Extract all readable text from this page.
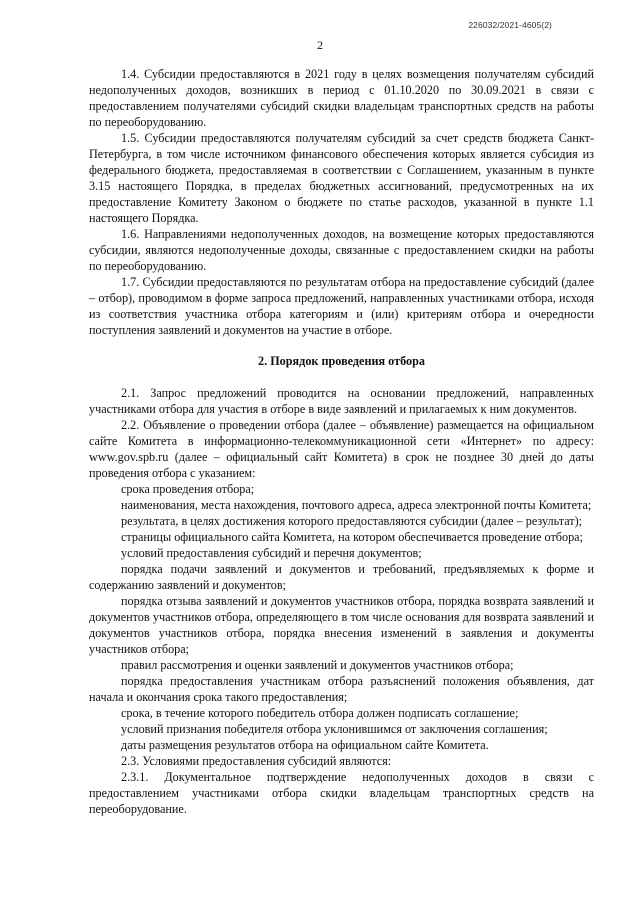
226032/2021-4605(2)
2

1.4. Субсидии предоставляются в 2021 году в целях возмещения получателям субсидий недополученных доходов, возникших в период с 01.10.2020 по 30.09.2021 в связи с предоставлением получателями субсидий скидки владельцам транспортных средств на работы по переоборудованию.

1.5. Субсидии предоставляются получателям субсидий за счет средств бюджета Санкт-Петербурга, в том числе источником финансового обеспечения которых является субсидия из федерального бюджета, предоставляемая в соответствии с Соглашением, указанным в пункте 3.15 настоящего Порядка, в пределах бюджетных ассигнований, предусмотренных на их предоставление Комитету Законом о бюджете по статье расходов, указанной в пункте 1.1 настоящего Порядка.

1.6. Направлениями недополученных доходов, на возмещение которых предоставляются субсидии, являются недополученные доходы, связанные с предоставлением скидки на работы по переоборудованию.

1.7. Субсидии предоставляются по результатам отбора на предоставление субсидий (далее – отбор), проводимом в форме запроса предложений, направленных участниками отбора, исходя из соответствия участника отбора категориям и (или) критериям отбора и очередности поступления заявлений и документов на участие в отборе.

2. Порядок проведения отбора

2.1. Запрос предложений проводится на основании предложений, направленных участниками отбора для участия в отборе в виде заявлений и прилагаемых к ним документов.

2.2. Объявление о проведении отбора (далее – объявление) размещается на официальном сайте Комитета в информационно-телекоммуникационной сети «Интернет» по адресу: www.gov.spb.ru (далее – официальный сайт Комитета) в срок не позднее 30 дней до даты проведения отбора с указанием:

срока проведения отбора;

наименования, места нахождения, почтового адреса, адреса электронной почты Комитета;

результата, в целях достижения которого предоставляются субсидии (далее – результат);

страницы официального сайта Комитета, на котором обеспечивается проведение отбора;

условий предоставления субсидий и перечня документов;

порядка подачи заявлений и документов и требований, предъявляемых к форме и содержанию заявлений и документов;

порядка отзыва заявлений и документов участников отбора, порядка возврата заявлений и документов участников отбора, определяющего в том числе основания для возврата заявлений и документов участников отбора, порядка внесения изменений в заявления и документы участников отбора;

правил рассмотрения и оценки заявлений и документов участников отбора;

порядка предоставления участникам отбора разъяснений положения объявления, дат начала и окончания срока такого предоставления;

срока, в течение которого победитель отбора должен подписать соглашение;

условий признания победителя отбора уклонившимся от заключения соглашения;

даты размещения результатов отбора на официальном сайте Комитета.

2.3. Условиями предоставления субсидий являются:

2.3.1. Документальное подтверждение недополученных доходов в связи с предоставлением участниками отбора скидки владельцам транспортных средств на переоборудование.
